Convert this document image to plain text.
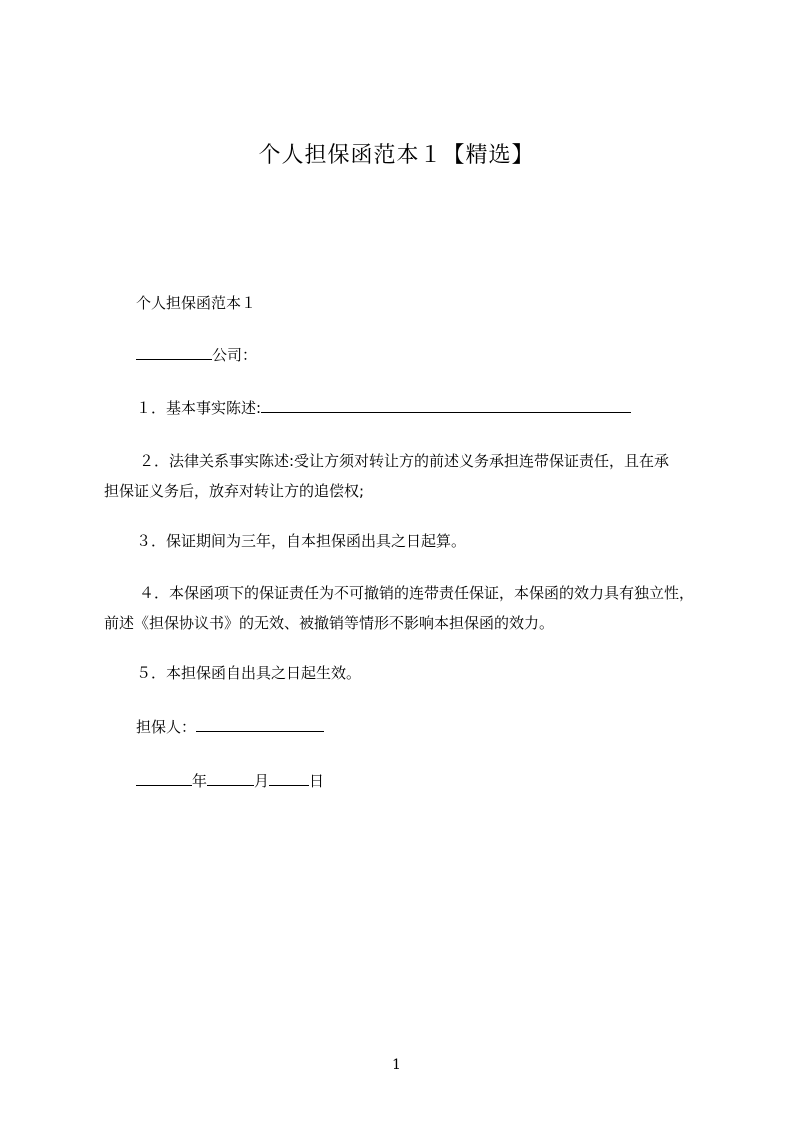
个人担保函范本１【精选】
个人担保函范本１
公司：
１．基本事实陈述:
２．法律关系事实陈述:受让方须对转让方的前述义务承担连带保证责任，且在承
担保证义务后，放弃对转让方的追偿权;
３．保证期间为三年，自本担保函出具之日起算。
４．本保函项下的保证责任为不可撤销的连带责任保证，本保函的效力具有独立性，
前述《担保协议书》的无效、被撤销等情形不影响本担保函的效力。
５．本担保函自出具之日起生效。
担保人：
年	月	日
1
